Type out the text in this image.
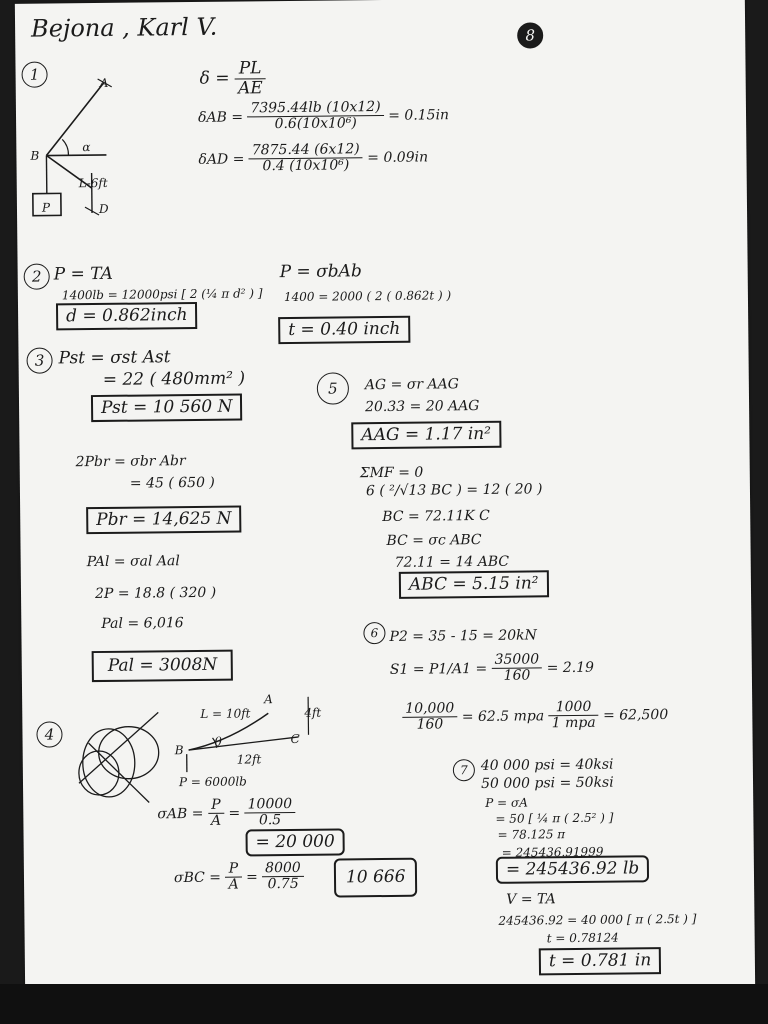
Bejona , Karl V.	8
1	A
B
D
α
L-6ft
P
$\delta = \frac{PL}{AE}$
$\delta AB = \frac{7395.44lb (10x12)}{\text{0.6(10x10⁶)}} = 0.15in$
$\delta AD = \frac{7875.44 (6x12)}{\text{0.4 (10x10⁶)}} = 0.09in$
2 P = TA
1400lb = 12000psi [ 2 (¼ π d² ) ]
d = 0.862inch
P = σbAb
1400 = 2000 ( 2 ( 0.862t ) )
t = 0.40 inch
3 Pst = σst Ast
= 22 ( 480mm² )
Pst = 10 560 N
2Pbr = σbr Abr
= 45 ( 650 )
Pbr = 14,625 N
PAl = σal Aal
2P = 18.8 ( 320 )
Pal = 6,016
Pal = 3008N
5	AG = σr AAG
20.33 = 20 AAG
AAG = 1.17 in²
ΣMF = 0
6 ( ²/√13 BC ) = 12 ( 20 )
BC = 72.11K C
BC = σc ABC
72.11 = 14 ABC
ABC = 5.15 in²
6 P2 = 35 - 15 = 20kN
$S1 = P1/A1 = \frac{35000}{160} = 2.19$
$\frac{10,000}{160} = 62.5$ mpa $\frac{1000}{\text{1 mpa}} = 62,500$
4
L = 10ft
A
B
C
θ
12ft
4ft
P = 6000lb
$\sigma AB = \frac{P}{A} = \frac{10000}{0.5}$
= 20 000
$\sigma BC = \frac{P}{A} = \frac{8000}{0.75}$	10 666
7 40 000 psi = 40ksi
50 000 psi = 50ksi
P = σA
= 50 [ ¼ π ( 2.5² ) ]
= 78.125 π
= 245436.91999
= 245436.92 lb
V = TA
245436.92 = 40 000 [ π ( 2.5t ) ]
t = 0.78124
t = 0.781 in
